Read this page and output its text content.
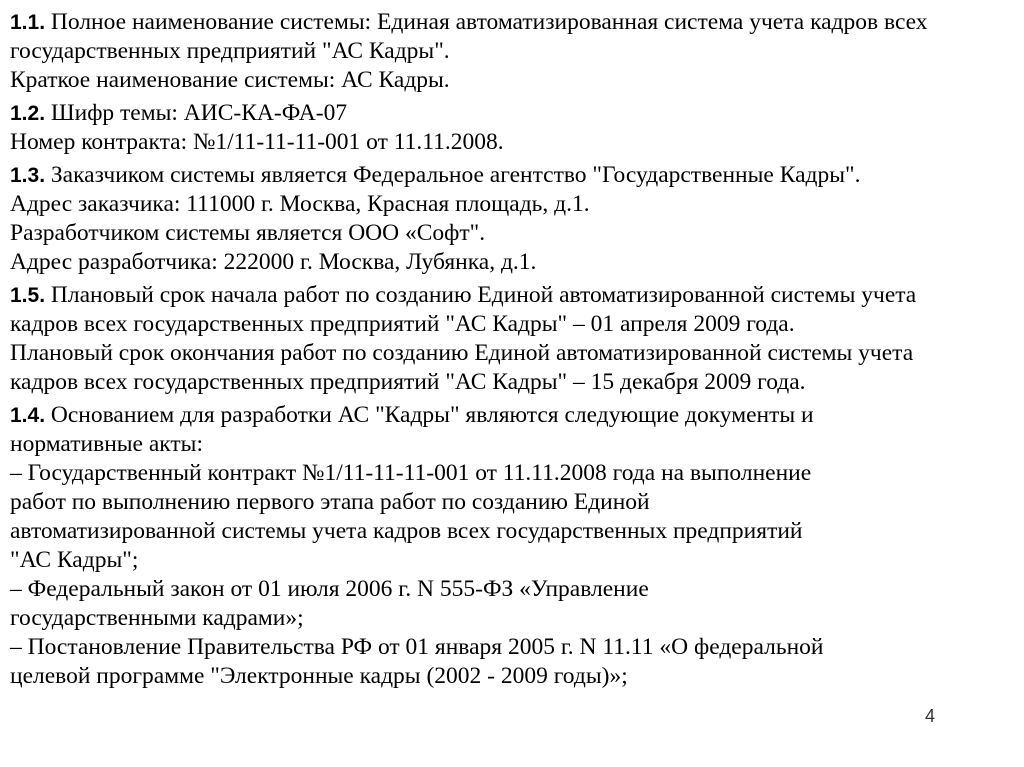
1.1. Полное наименование системы: Единая автоматизированная система учета кадров всех
государственных предприятий "АС Кадры".
Краткое наименование системы: АС Кадры.

1.2. Шифр темы: АИС-КА-ФА-07
Номер контракта: №1/11-11-11-001 от 11.11.2008.

1.3. Заказчиком системы является Федеральное агентство "Государственные Кадры".
Адрес заказчика: 111000 г. Москва, Красная площадь, д.1.
Разработчиком системы является ООО «Софт".
Адрес разработчика: 222000 г. Москва, Лубянка, д.1.

1.5. Плановый срок начала работ по созданию Единой автоматизированной системы учета
кадров всех государственных предприятий "АС Кадры" – 01 апреля 2009 года.
Плановый срок окончания работ по созданию Единой автоматизированной системы учета
кадров всех государственных предприятий "АС Кадры" – 15 декабря 2009 года.

1.4. Основанием для разработки АС "Кадры" являются следующие документы и
нормативные акты:
– Государственный контракт №1/11-11-11-001 от 11.11.2008 года на выполнение
работ по выполнению первого этапа работ по созданию Единой
автоматизированной системы учета кадров всех государственных предприятий
"АС Кадры";
– Федеральный закон от 01 июля 2006 г. N 555-ФЗ «Управление
государственными кадрами»;
– Постановление Правительства РФ от 01 января 2005 г. N 11.11 «О федеральной
целевой программе "Электронные кадры (2002 - 2009 годы)»;

4
